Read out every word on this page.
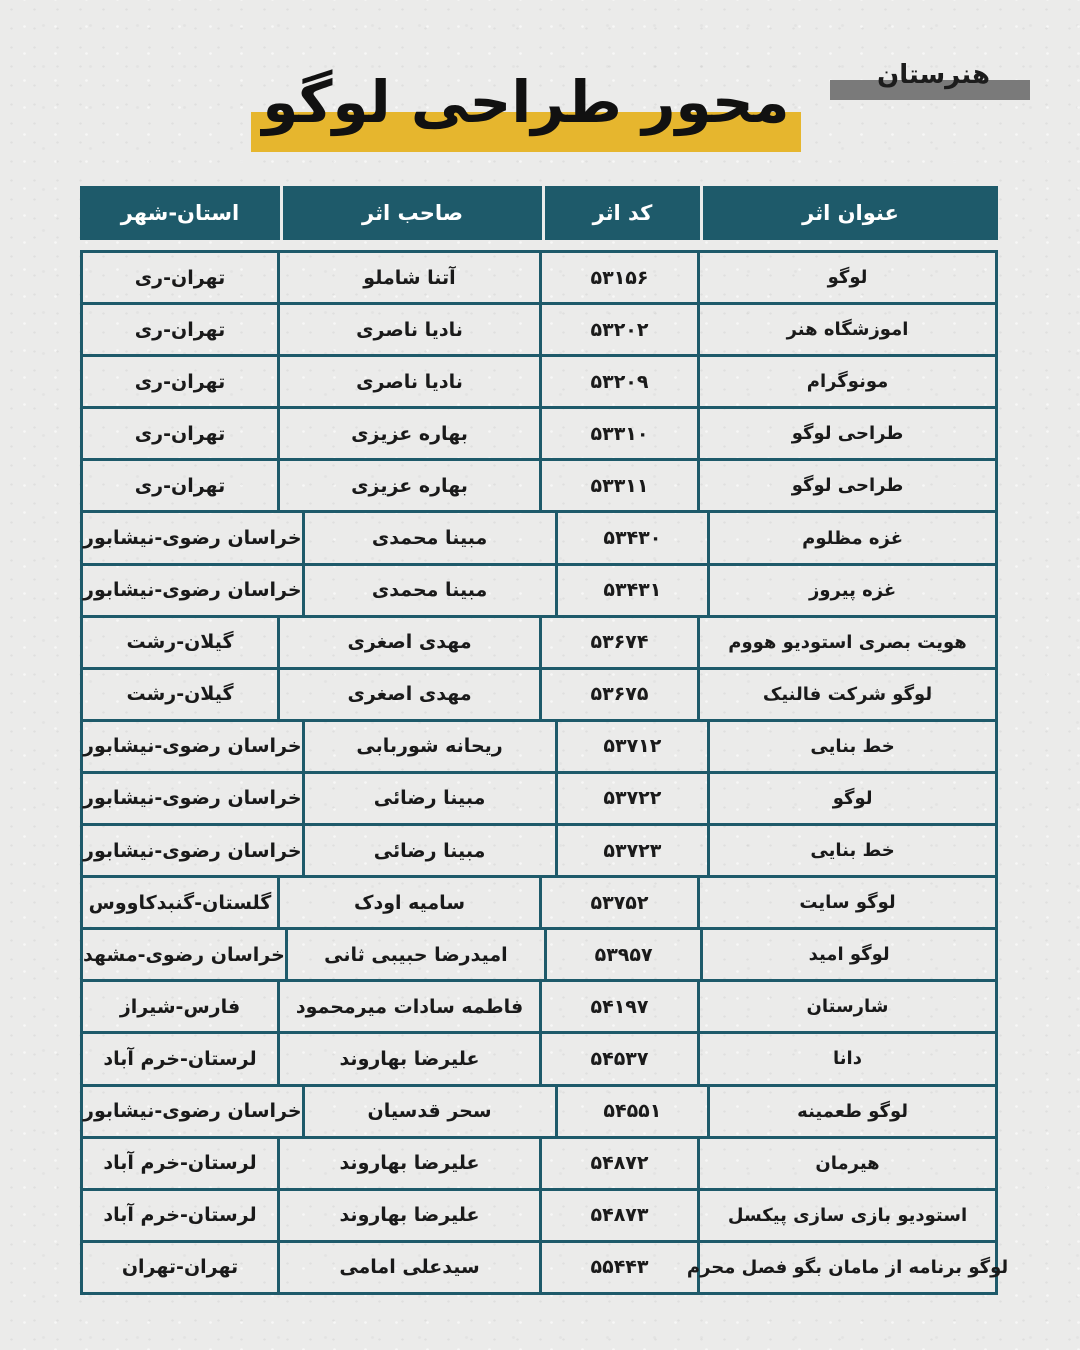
هنرستان
محور طراحی لوگو
عنوان اثر
کد اثر
صاحب اثر
استان-شهر
لوگو
۵۳۱۵۶
آتنا شاملو
تهران-ری
اموزشگاه هنر
۵۳۲۰۲
نادیا ناصری
تهران-ری
مونوگرام
۵۳۲۰۹
نادیا ناصری
تهران-ری
طراحی لوگو
۵۳۳۱۰
بهاره عزیزی
تهران-ری
طراحی لوگو
۵۳۳۱۱
بهاره عزیزی
تهران-ری
غزه مظلوم
۵۳۴۳۰
مبینا محمدی
خراسان رضوی-نیشابور
غزه پیروز
۵۳۴۳۱
مبینا محمدی
خراسان رضوی-نیشابور
هویت بصری استودیو هووم
۵۳۶۷۴
مهدی اصغری
گیلان-رشت
لوگو شرکت فالنیک
۵۳۶۷۵
مهدی اصغری
گیلان-رشت
خط بنایی
۵۳۷۱۲
ریحانه شوربابی
خراسان رضوی-نیشابور
لوگو
۵۳۷۲۲
مبینا رضائی
خراسان رضوی-نیشابور
خط بنایی
۵۳۷۲۳
مبینا رضائی
خراسان رضوی-نیشابور
لوگو سایت
۵۳۷۵۲
سامیه اودک
گلستان-گنبدکاووس
لوگو امید
۵۳۹۵۷
امیدرضا حبیبی ثانی
خراسان رضوی-مشهد
شارستان
۵۴۱۹۷
فاطمه سادات میرمحمود
فارس-شیراز
دانا
۵۴۵۳۷
علیرضا بهاروند
لرستان-خرم آباد
لوگو طعمینه
۵۴۵۵۱
سحر قدسیان
خراسان رضوی-نیشابور
هیرمان
۵۴۸۷۲
علیرضا بهاروند
لرستان-خرم آباد
استودیو بازی سازی پیکسل
۵۴۸۷۳
علیرضا بهاروند
لرستان-خرم آباد
لوگو برنامه از مامان بگو فصل محرم
۵۵۴۴۳
سیدعلی امامی
تهران-تهران
